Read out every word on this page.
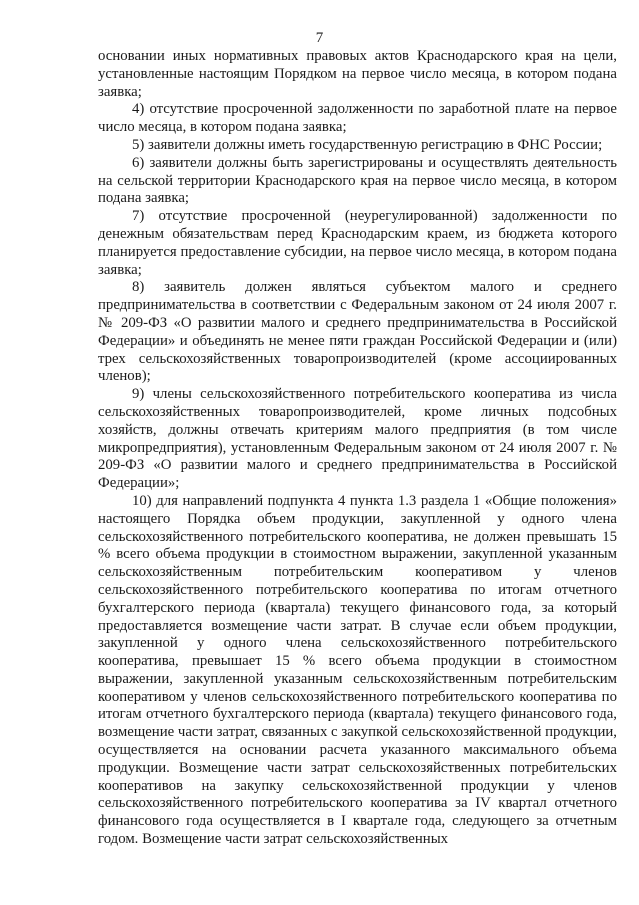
7

основании иных нормативных правовых актов Краснодарского края на цели, установленные настоящим Порядком на первое число месяца, в котором подана заявка;

4) отсутствие просроченной задолженности по заработной плате на первое число месяца, в котором подана заявка;

5) заявители должны иметь государственную регистрацию в ФНС России;

6) заявители должны быть зарегистрированы и осуществлять деятельность на сельской территории Краснодарского края на первое число месяца, в котором подана заявка;

7) отсутствие просроченной (неурегулированной) задолженности по денежным обязательствам перед Краснодарским краем, из бюджета которого планируется предоставление субсидии, на первое число месяца, в котором подана заявка;

8) заявитель должен являться субъектом малого и среднего предпринимательства в соответствии с Федеральным законом от 24 июля 2007 г. № 209-ФЗ «О развитии малого и среднего предпринимательства в Российской Федерации» и объединять не менее пяти граждан Российской Федерации и (или) трех сельскохозяйственных товаропроизводителей (кроме ассоциированных членов);

9) члены сельскохозяйственного потребительского кооператива из числа сельскохозяйственных товаропроизводителей, кроме личных подсобных хозяйств, должны отвечать критериям малого предприятия (в том числе микропредприятия), установленным Федеральным законом от 24 июля 2007 г. № 209-ФЗ «О развитии малого и среднего предпринимательства в Российской Федерации»;

10) для направлений подпункта 4 пункта 1.3 раздела 1 «Общие положения» настоящего Порядка объем продукции, закупленной у одного члена сельскохозяйственного потребительского кооператива, не должен превышать 15 % всего объема продукции в стоимостном выражении, закупленной указанным сельскохозяйственным потребительским кооперативом у членов сельскохозяйственного потребительского кооператива по итогам отчетного бухгалтерского периода (квартала) текущего финансового года, за который предоставляется возмещение части затрат. В случае если объем продукции, закупленной у одного члена сельскохозяйственного потребительского кооператива, превышает 15 % всего объема продукции в стоимостном выражении, закупленной указанным сельскохозяйственным потребительским кооперативом у членов сельскохозяйственного потребительского кооператива по итогам отчетного бухгалтерского периода (квартала) текущего финансового года, возмещение части затрат, связанных с закупкой сельскохозяйственной продукции, осуществляется на основании расчета указанного максимального объема продукции. Возмещение части затрат сельскохозяйственных потребительских кооперативов на закупку сельскохозяйственной продукции у членов сельскохозяйственного потребительского кооператива за IV квартал отчетного финансового года осуществляется в I квартале года, следующего за отчетным годом. Возмещение части затрат сельскохозяйственных
